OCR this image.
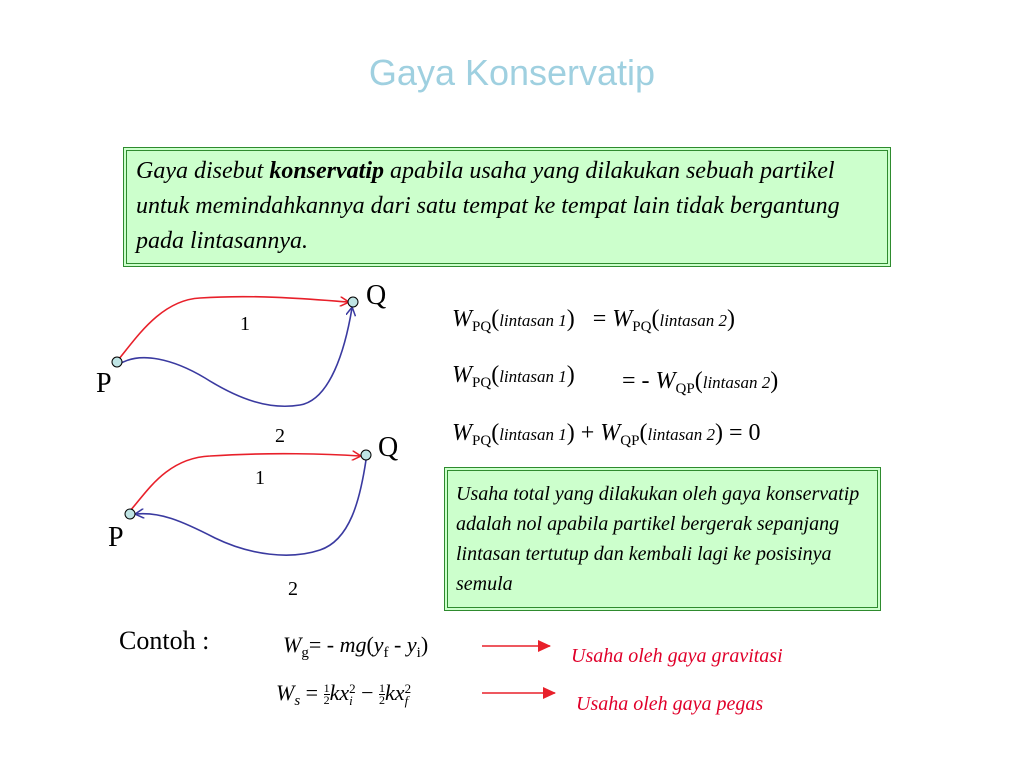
Gaya Konservatip
Gaya disebut konservatip apabila usaha yang dilakukan sebuah partikel untuk memindahkannya dari satu tempat ke tempat lain tidak bergantung pada lintasannya.
Q
P
1
2	Q
P
1
2
$W_{PQ}(lintasan$ $1) = W_{PQ}(lintasan$ 2)
$W_{PQ}(lintasan$ 1) = - $W_{QP}(lintasan$ 2)
$W_{PQ}(lintasan$ $1) + W_{QP}(lintasan$ 2) = 0
Usaha total yang dilakukan oleh gaya konservatip adalah nol apabila partikel bergerak sepanjang lintasan tertutup dan kembali lagi ke posisinya semula
Contoh :	$W_g= - mg(y_f - y_i)$	Usaha oleh gaya gravitasi
$W_s = \frac{1}{2}$ kx 2
$i - \frac{1}{2}$ kx 2
f	Usaha oleh gaya pegas
